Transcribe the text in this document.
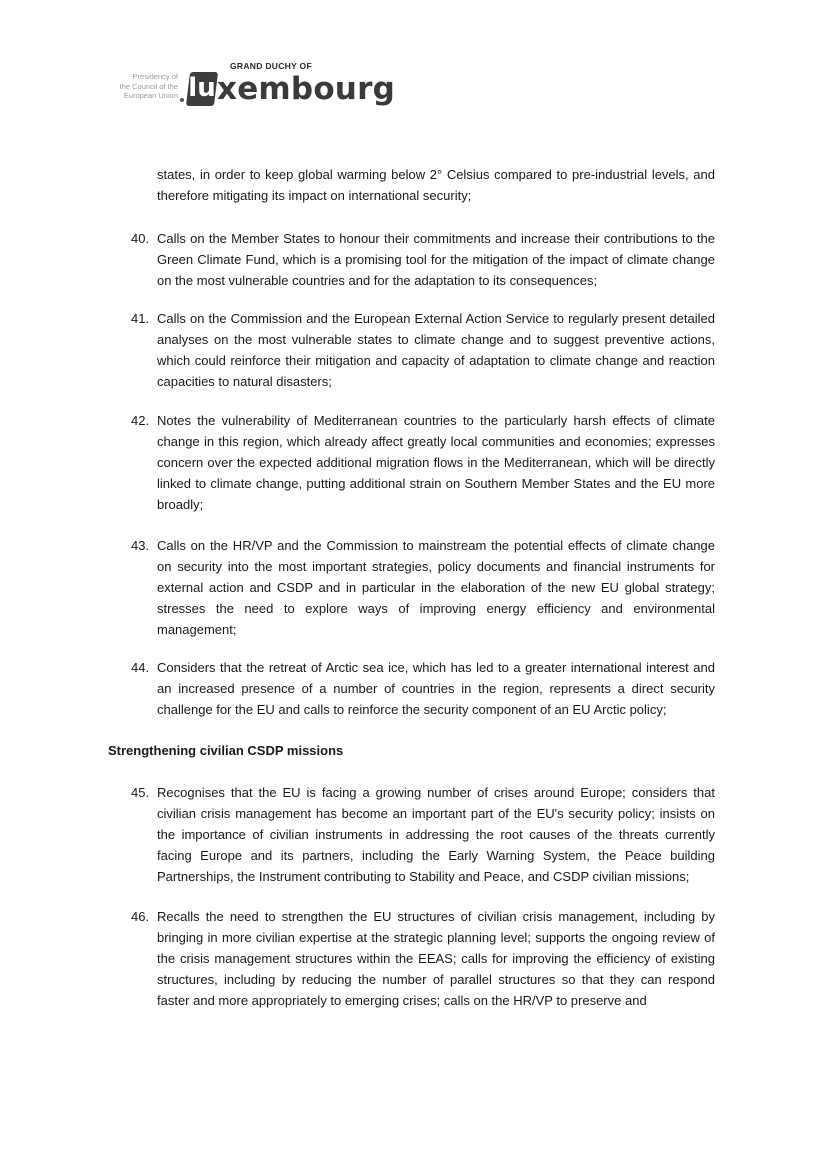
Presidency of
the Council of the
European Union
GRAND DUCHY OF
lu xembourg
states, in order to keep global warming below 2° Celsius compared to pre-industrial levels, and therefore mitigating its impact on international security;
40. Calls on the Member States to honour their commitments and increase their contributions to the Green Climate Fund, which is a promising tool for the mitigation of the impact of climate change on the most vulnerable countries and for the adaptation to its consequences;
41. Calls on the Commission and the European External Action Service to regularly present detailed analyses on the most vulnerable states to climate change and to suggest preventive actions, which could reinforce their mitigation and capacity of adaptation to climate change and reaction capacities to natural disasters;
42. Notes the vulnerability of Mediterranean countries to the particularly harsh effects of climate change in this region, which already affect greatly local communities and economies; expresses concern over the expected additional migration flows in the Mediterranean, which will be directly linked to climate change, putting additional strain on Southern Member States and the EU more broadly;
43. Calls on the HR/VP and the Commission to mainstream the potential effects of climate change on security into the most important strategies, policy documents and financial instruments for external action and CSDP and in particular in the elaboration of the new EU global strategy; stresses the need to explore ways of improving energy efficiency and environmental management;
44. Considers that the retreat of Arctic sea ice, which has led to a greater international interest and an increased presence of a number of countries in the region, represents a direct security challenge for the EU and calls to reinforce the security component of an EU Arctic policy;
Strengthening civilian CSDP missions
45. Recognises that the EU is facing a growing number of crises around Europe; considers that civilian crisis management has become an important part of the EU's security policy; insists on the importance of civilian instruments in addressing the root causes of the threats currently facing Europe and its partners, including the Early Warning System, the Peace building Partnerships, the Instrument contributing to Stability and Peace, and CSDP civilian missions;
46. Recalls the need to strengthen the EU structures of civilian crisis management, including by bringing in more civilian expertise at the strategic planning level; supports the ongoing review of the crisis management structures within the EEAS; calls for improving the efficiency of existing structures, including by reducing the number of parallel structures so that they can respond faster and more appropriately to emerging crises; calls on the HR/VP to preserve and
